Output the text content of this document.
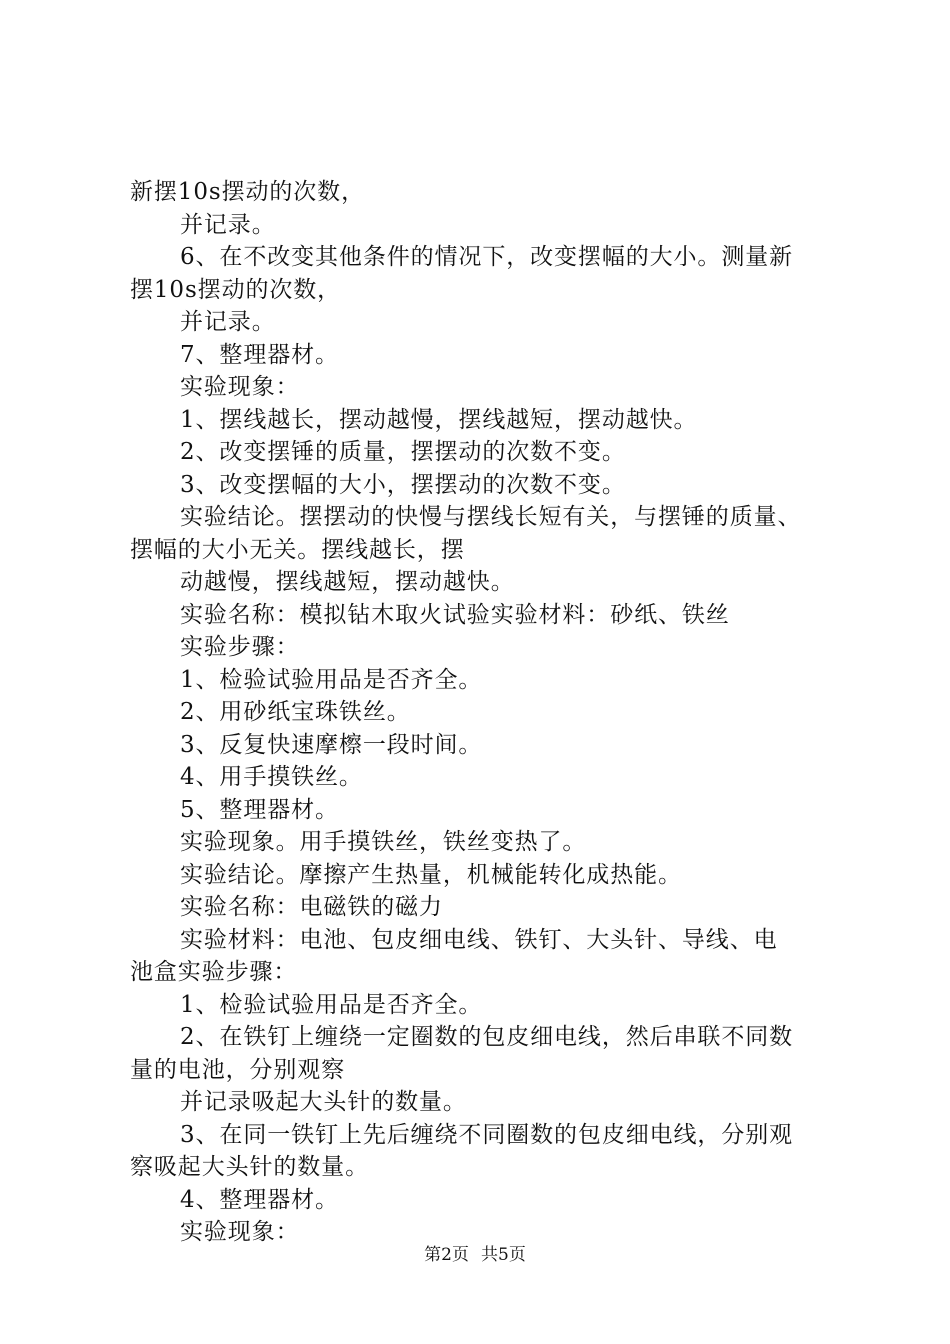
新摆10s摆动的次数，
并记录。
6、在不改变其他条件的情况下，改变摆幅的大小。测量新
摆10s摆动的次数，
并记录。
7、整理器材。
实验现象：
1、摆线越长，摆动越慢，摆线越短，摆动越快。
2、改变摆锤的质量，摆摆动的次数不变。
3、改变摆幅的大小，摆摆动的次数不变。
实验结论。摆摆动的快慢与摆线长短有关，与摆锤的质量、
摆幅的大小无关。摆线越长，摆
动越慢，摆线越短，摆动越快。
实验名称：模拟钻木取火试验实验材料：砂纸、铁丝
实验步骤：
1、检验试验用品是否齐全。
2、用砂纸宝珠铁丝。
3、反复快速摩檫一段时间。
4、用手摸铁丝。
5、整理器材。
实验现象。用手摸铁丝，铁丝变热了。
实验结论。摩擦产生热量，机械能转化成热能。
实验名称：电磁铁的磁力
实验材料：电池、包皮细电线、铁钉、大头针、导线、电
池盒实验步骤：
1、检验试验用品是否齐全。
2、在铁钉上缠绕一定圈数的包皮细电线，然后串联不同数
量的电池，分别观察
并记录吸起大头针的数量。
3、在同一铁钉上先后缠绕不同圈数的包皮细电线，分别观
察吸起大头针的数量。
4、整理器材。
实验现象：
第2页 共5页
